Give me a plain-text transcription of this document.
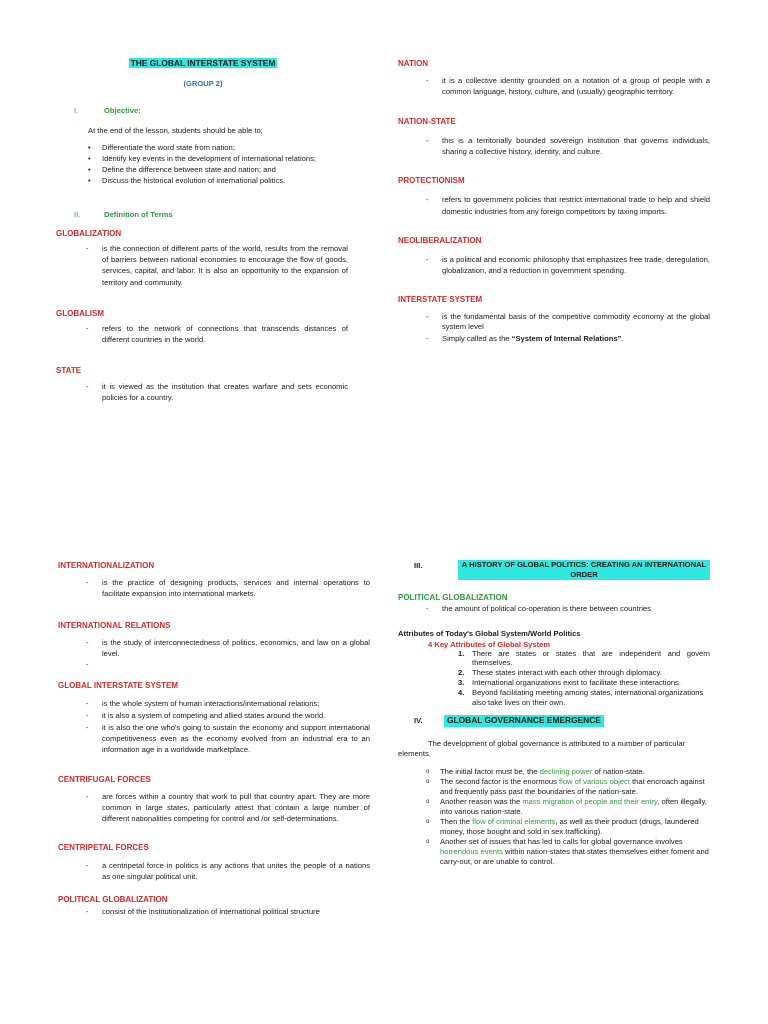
THE GLOBAL INTERSTATE SYSTEM
(GROUP 2)
I.	Objective:
At the end of the lesson, students should be able to;
•	Differentiate the word state from nation;
•	Identify key events in the development of international relations;
•	Define the difference between state and nation; and
•	Discuss the historical evolution of international politics.
II.	Definition of Terms
GLOBALIZATION
-	is the connection of different parts of the world, results from the removal of barriers between national economies to encourage the flow of goods, services, capital, and labor. It is also an opportunity to the expansion of territory and community.
GLOBALISM
-	refers to the network of connections that transcends distances of different countries in the world.
STATE
-	it is viewed as the institution that creates warfare and sets economic policies for a country.
NATION
-	it is a collective identity grounded on a notation of a group of people with a common language, history, culture, and (usually) geographic territory.
NATION-STATE
-	this is a territorially bounded sovereign institution that governs individuals, sharing a collective history, identity, and culture.
PROTECTIONISM
-	refers to government policies that restrict international trade to help and shield domestic industries from any foreign competitors by taxing imports.
NEOLIBERALIZATION
-	is a political and economic philosophy that emphasizes free trade, deregulation, globalization, and a reduction in government spending.
INTERSTATE SYSTEM
-	is the fundamental basis of the competitive commodity economy at the global system level
-	Simply called as the “System of Internal Relations”.
INTERNATIONALIZATION
-	is the practice of designing products, services and internal operations to facilitate expansion into international markets.
INTERNATIONAL RELATIONS
-	is the study of interconnectedness of politics, economics, and law on a global level.
-
GLOBAL INTERSTATE SYSTEM
-	is the whole system of human interactions/international relations;
-	it is also a system of competing and allied states around the world.
-	it is also the one who's going to sustain the economy and support international competitiveness even as the economy evolved from an industrial era to an information age in a worldwide marketplace.
CENTRIFUGAL FORCES
-	are forces within a country that work to pull that country apart. They are more common in large states, particularly attest that contain a large number of different nationalities competing for control and /or self-determinations.
CENTRIPETAL FORCES
-	a centripetal force in politics is any actions that unites the people of a nations as one singular political unit.
POLITICAL GLOBALIZATION
-	consist of the institutionalization of international political structure
III.	A HISTORY OF GLOBAL POLITICS: CREATING AN INTERNATIONAL ORDER
POLITICAL GLOBALIZATION
-	the amount of political co-operation is there between countries
Attributes of Today's Global System/World Politics
4 Key Attributes of Global System
1.	There are states or states that are independent and govern themselves.
2.	These states interact with each other through diplomacy.
3.	International organizations exist to facilitate these interactions.
4.	Beyond facilitating meeting among states, international organizations also take lives on their own.
IV.	GLOBAL GOVERNANCE EMERGENCE
The development of global governance is attributed to a number of particular elements.
o	The initial factor must be, the declining power of nation-state.
o	The second factor is the enormous flow of various object that encroach against and frequently pass past the boundaries of the nation-sate.
o	Another reason was the mass migration of people and their entry, often illegally, into various nation-state.
o	Then the flow of criminal elements, as well as their product (drugs, laundered money, those bought and sold in sex trafficking).
o	Another set of issues that has led to calls for global governance involves horrendous events within nation-states that states themselves either foment and carry-out, or are unable to control.
